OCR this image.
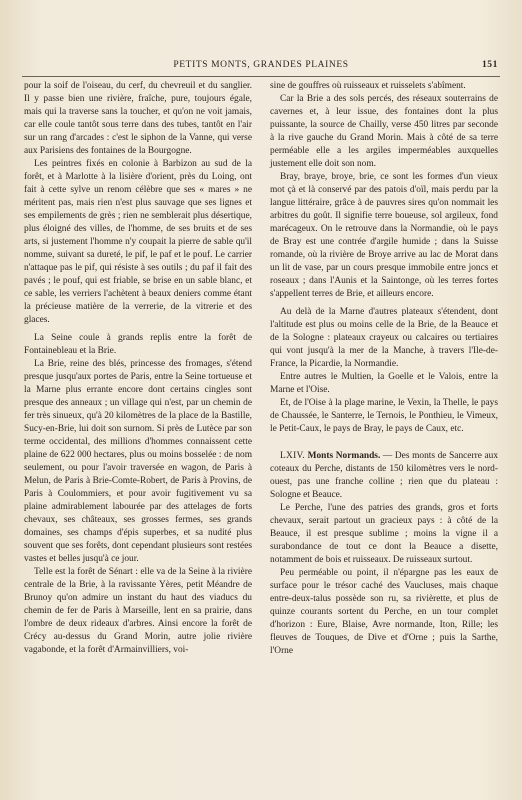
PETITS MONTS, GRANDES PLAINES	151

pour la soif de l'oiseau, du cerf, du chevreuil et du sanglier. Il y passe bien une rivière, fraîche, pure, toujours égale, mais qui la traverse sans la toucher, et qu'on ne voit jamais, car elle coule tantôt sous terre dans des tubes, tantôt en l'air sur un rang d'arcades : c'est le siphon de la Vanne, qui verse aux Parisiens des fontaines de la Bourgogne.

Les peintres fixés en colonie à Barbizon au sud de la forêt, et à Marlotte à la lisière d'orient, près du Loing, ont fait à cette sylve un renom célèbre que ses « mares » ne méritent pas, mais rien n'est plus sauvage que ses lignes et ses empilements de grès ; rien ne semblerait plus désertique, plus éloigné des villes, de l'homme, de ses bruits et de ses arts, si justement l'homme n'y coupait la pierre de sable qu'il nomme, suivant sa dureté, le pif, le paf et le pouf. Le carrier n'attaque pas le pif, qui résiste à ses outils ; du paf il fait des pavés ; le pouf, qui est friable, se brise en un sable blanc, et ce sable, les verriers l'achètent à beaux deniers comme étant la précieuse matière de la verrerie, de la vitrerie et des glaces.

La Seine coule à grands replis entre la forêt de Fontainebleau et la Brie.

La Brie, reine des blés, princesse des fromages, s'étend presque jusqu'aux portes de Paris, entre la Seine tortueuse et la Marne plus errante encore dont certains cingles sont presque des anneaux ; un village qui n'est, par un chemin de fer très sinueux, qu'à 20 kilomètres de la place de la Bastille, Sucy-en-Brie, lui doit son surnom. Si près de Lutèce par son terme occidental, des millions d'hommes connaissent cette plaine de 622 000 hectares, plus ou moins bosselée : de nom seulement, ou pour l'avoir traversée en wagon, de Paris à Melun, de Paris à Brie-Comte-Robert, de Paris à Provins, de Paris à Coulommiers, et pour avoir fugitivement vu sa plaine admirablement labourée par des attelages de forts chevaux, ses châteaux, ses grosses fermes, ses grands domaines, ses champs d'épis superbes, et sa nudité plus souvent que ses forêts, dont cependant plusieurs sont restées vastes et belles jusqu'à ce jour.

Telle est la forêt de Sénart : elle va de la Seine à la rivière centrale de la Brie, à la ravissante Yères, petit Méandre de Brunoy qu'on admire un instant du haut des viaducs du chemin de fer de Paris à Marseille, lent en sa prairie, dans l'ombre de deux rideaux d'arbres. Ainsi encore la forêt de Crécy au-dessus du Grand Morin, autre jolie rivière vagabonde, et la forêt d'Armainvilliers, voi-

sine de gouffres où ruisseaux et ruisselets s'abîment.

Car la Brie a des sols percés, des réseaux souterrains de cavernes et, à leur issue, des fontaines dont la plus puissante, la source de Chailly, verse 450 litres par seconde à la rive gauche du Grand Morin. Mais à côté de sa terre perméable elle a les argiles imperméables auxquelles justement elle doit son nom.

Bray, braye, broye, brie, ce sont les formes d'un vieux mot çà et là conservé par des patois d'oïl, mais perdu par la langue littéraire, grâce à de pauvres sires qu'on nommait les arbitres du goût. Il signifie terre boueuse, sol argileux, fond marécageux. On le retrouve dans la Normandie, où le pays de Bray est une contrée d'argile humide ; dans la Suisse romande, où la rivière de Broye arrive au lac de Morat dans un lit de vase, par un cours presque immobile entre joncs et roseaux ; dans l'Aunis et la Saintonge, où les terres fortes s'appellent terres de Brie, et ailleurs encore.

Au delà de la Marne d'autres plateaux s'étendent, dont l'altitude est plus ou moins celle de la Brie, de la Beauce et de la Sologne : plateaux crayeux ou calcaires ou tertiaires qui vont jusqu'à la mer de la Manche, à travers l'Ile-de-France, la Picardie, la Normandie.

Entre autres le Multien, la Goelle et le Valois, entre la Marne et l'Oise.

Et, de l'Oise à la plage marine, le Vexin, la Thelle, le pays de Chaussée, le Santerre, le Ternois, le Ponthieu, le Vimeux, le Petit-Caux, le pays de Bray, le pays de Caux, etc.

LXIV. Monts Normands. — Des monts de Sancerre aux coteaux du Perche, distants de 150 kilomètres vers le nord-ouest, pas une franche colline ; rien que du plateau : Sologne et Beauce.

Le Perche, l'une des patries des grands, gros et forts chevaux, serait partout un gracieux pays : à côté de la Beauce, il est presque sublime ; moins la vigne il a surabondance de tout ce dont la Beauce a disette, notamment de bois et ruisseaux. De ruisseaux surtout.

Peu perméable ou point, il n'épargne pas les eaux de surface pour le trésor caché des Vaucluses, mais chaque entre-deux-talus possède son ru, sa rivièrette, et plus de quinze courants sortent du Perche, en un tour complet d'horizon : Eure, Blaise, Avre normande, Iton, Rille; les fleuves de Touques, de Dive et d'Orne ; puis la Sarthe, l'Orne
